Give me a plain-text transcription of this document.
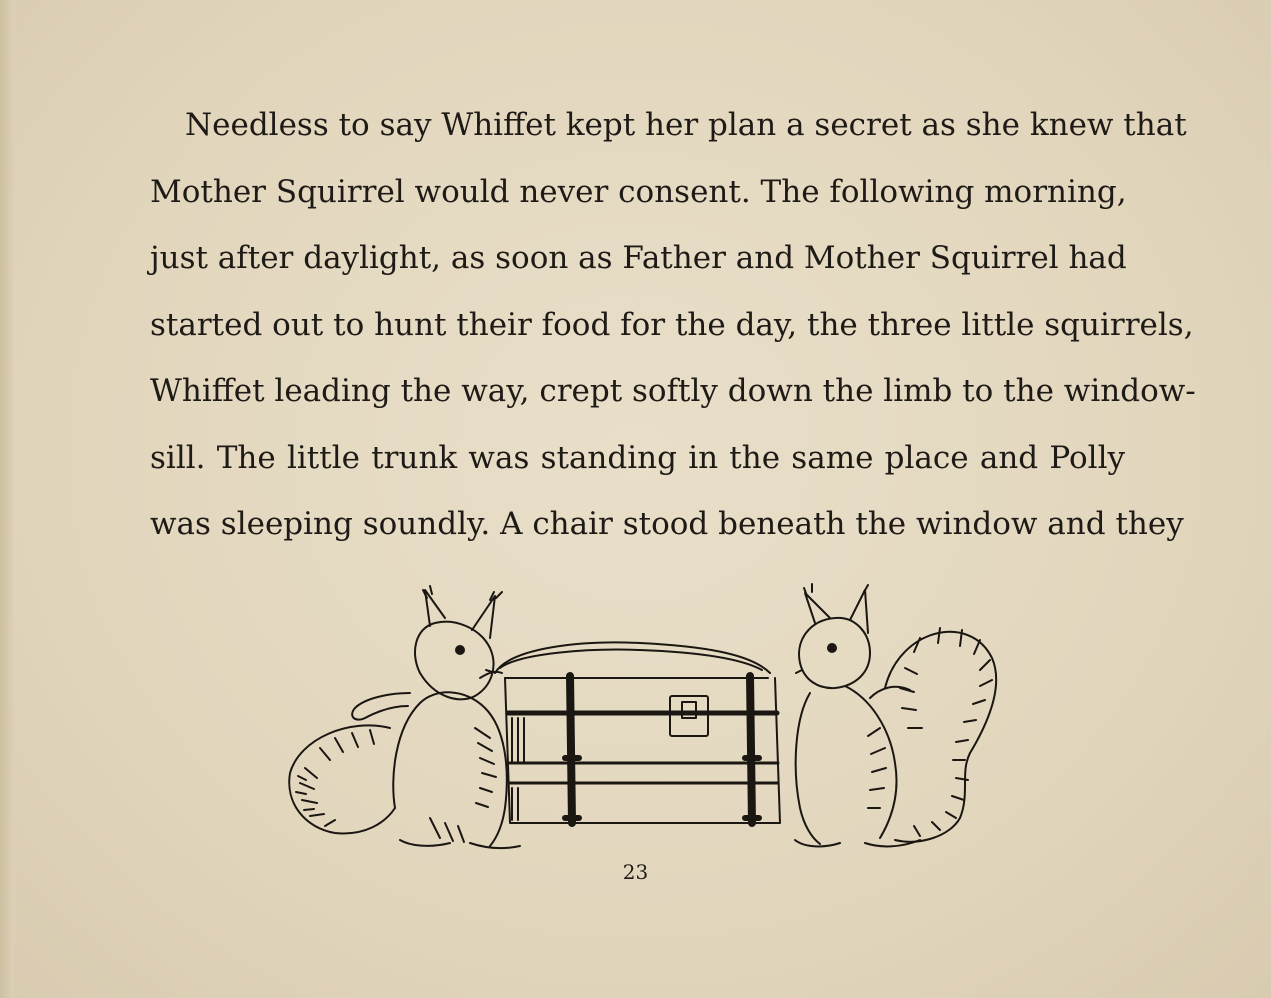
Needless to say Whiffet kept her plan a secret as she knew that
Mother Squirrel would never consent. The following morning,
just after daylight, as soon as Father and Mother Squirrel had
started out to hunt their food for the day, the three little squirrels,
Whiffet leading the way, crept softly down the limb to the window-
sill. The little trunk was standing in the same place and Polly
was sleeping soundly. A chair stood beneath the window and they
23
